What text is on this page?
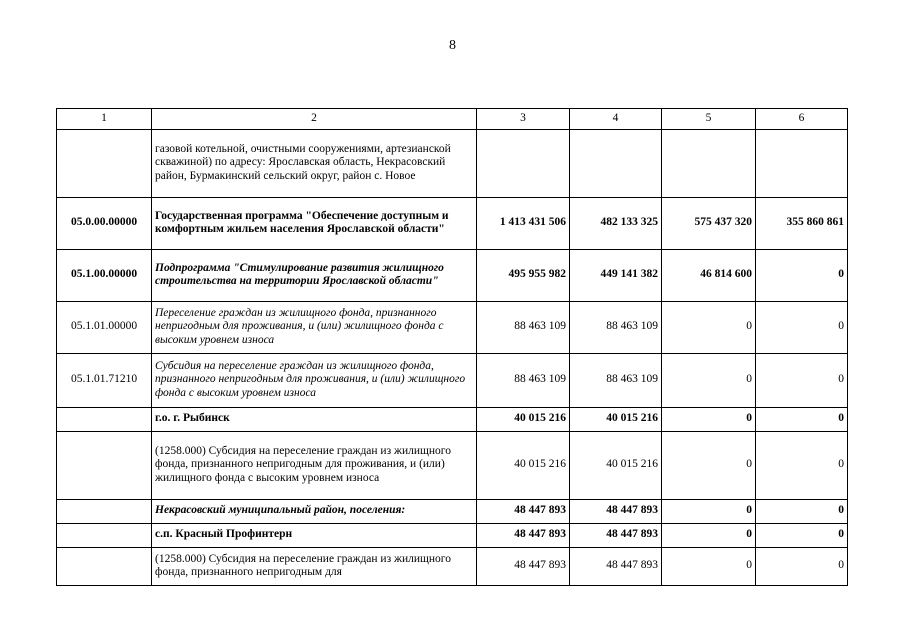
8
1	2	3	4	5	6
	газовой котельной, очистными сооружениями, артезианской скважиной) по адресу: Ярославская область, Некрасовский район, Бурмакинский сельский округ, район с. Новое				
05.0.00.00000	Государственная программа "Обеспечение доступным и комфортным жильем населения Ярославской области"	1 413 431 506	482 133 325	575 437 320	355 860 861
05.1.00.00000	Подпрограмма "Стимулирование развития жилищного строительства на территории Ярославской области"	495 955 982	449 141 382	46 814 600	0
05.1.01.00000	Переселение граждан из жилищного фонда, признанного непригодным для проживания, и (или) жилищного фонда с высоким уровнем износа	88 463 109	88 463 109	0	0
05.1.01.71210	Субсидия на переселение граждан из жилищного фонда, признанного непригодным для проживания, и (или) жилищного фонда с высоким уровнем износа	88 463 109	88 463 109	0	0
	г.о. г. Рыбинск	40 015 216	40 015 216	0	0
	(1258.000) Субсидия на переселение граждан из жилищного фонда, признанного непригодным для проживания, и (или) жилищного фонда с высоким уровнем износа	40 015 216	40 015 216	0	0
	Некрасовский муниципальный район, поселения:	48 447 893	48 447 893	0	0
	с.п. Красный Профинтерн	48 447 893	48 447 893	0	0
	(1258.000) Субсидия на переселение граждан из жилищного фонда, признанного непригодным для	48 447 893	48 447 893	0	0
